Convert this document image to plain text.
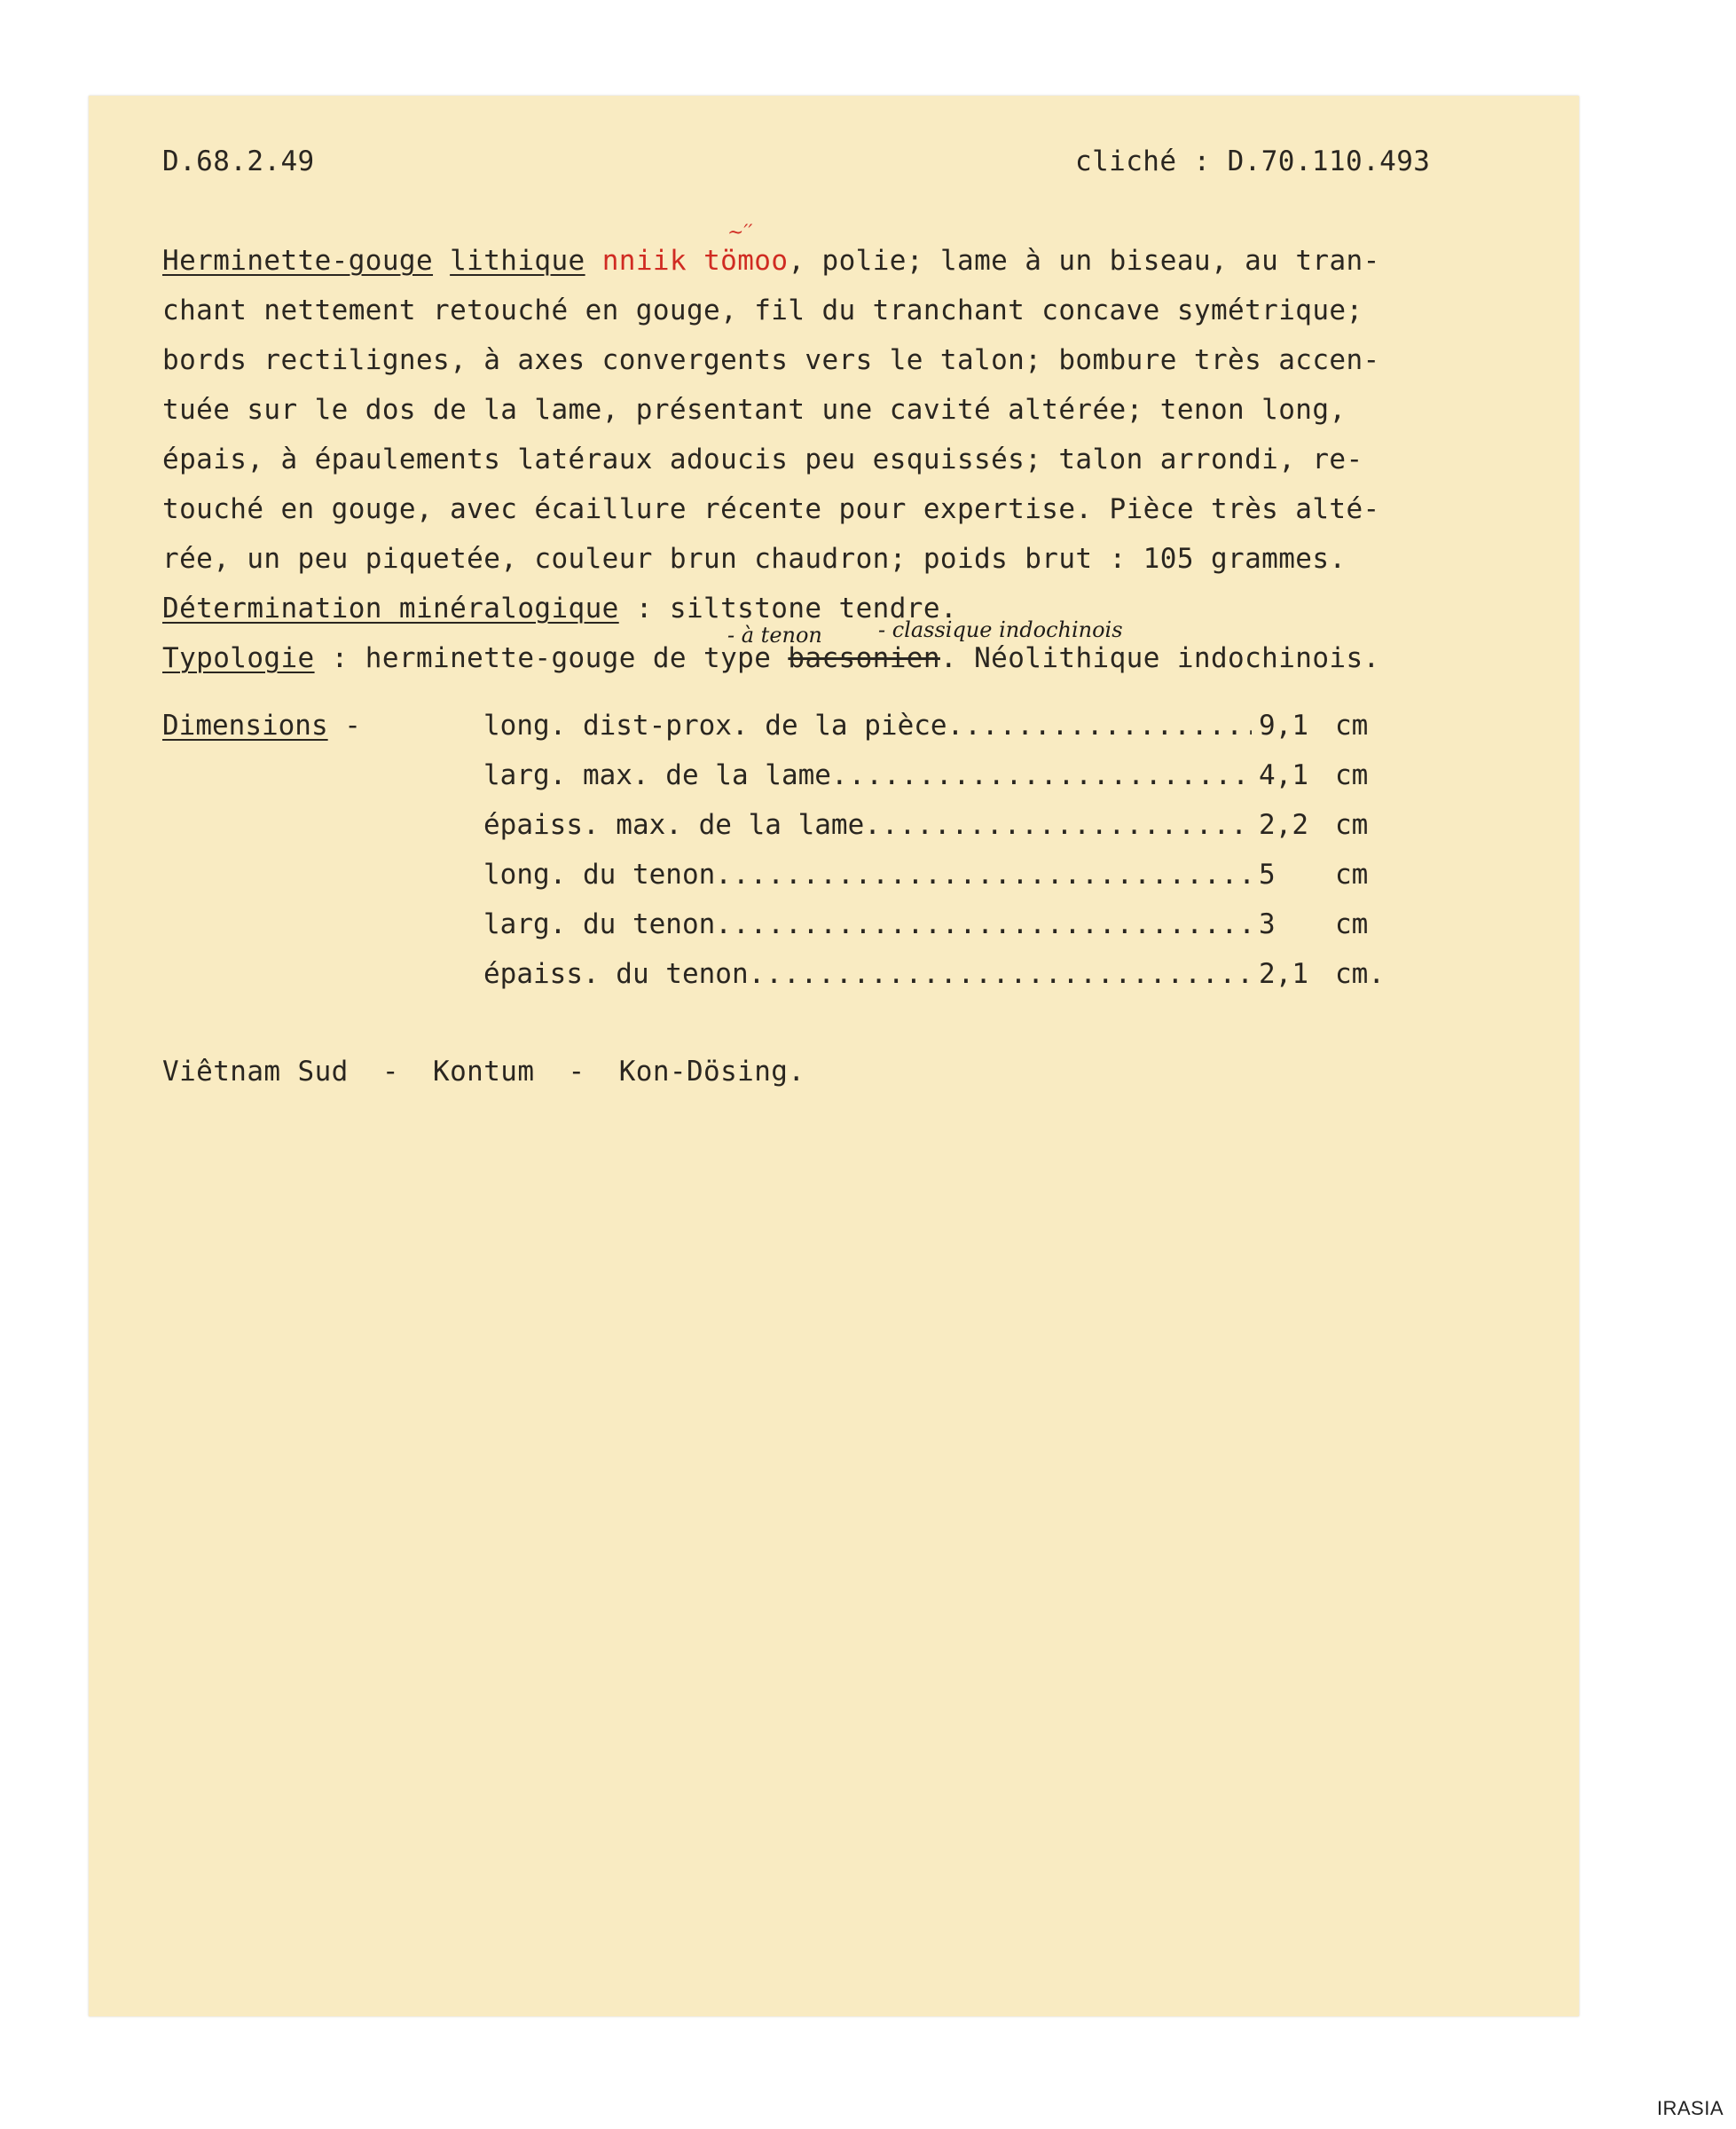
D.68.2.49	cliché : D.70.110.493
Herminette-gouge lithique nniik tömoo, polie; lame à un biseau, au tran-
~′′
chant nettement retouché en gouge, fil du tranchant concave symétrique;
bords rectilignes, à axes convergents vers le talon; bombure très accen-
tuée sur le dos de la lame, présentant une cavité altérée; tenon long,
épais, à épaulements latéraux adoucis peu esquissés; talon arrondi, re-
touché en gouge, avec écaillure récente pour expertise. Pièce très alté-
rée, un peu piquetée, couleur brun chaudron; poids brut : 105 grammes.
Détermination minéralogique : siltstone tendre.
Typologie : herminette-gouge de type bacsonien. Néolithique indochinois.
- à tenon	- classique indochinois
Dimensions -	long. dist-prox. de la pièce .....	9,1 cm
larg. max. de la lame .....	4,1 cm
épaiss. max. de la lame .....	2,2 cm
long. du tenon .....	5	cm
larg. du tenon .....	3	cm
épaiss. du tenon .....	2,1 cm.
Viêtnam Sud  -  Kontum  -  Kon-Dösing.
IRASIA
